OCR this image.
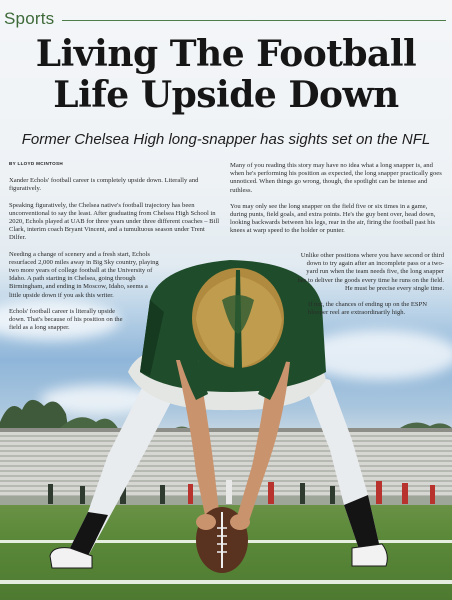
Sports
Living The Football
Life Upside Down
Former Chelsea High long-snapper has sights set on the NFL

BY LLOYD MCINTOSH

Xander Echols' football career is completely upside down. Literally and figuratively.

Speaking figuratively, the Chelsea native's football trajectory has been unconventional to say the least. After graduating from Chelsea High School in 2020, Echols played at UAB for three years under three different coaches – Bill Clark, interim coach Bryant Vincent, and a tumultuous season under Trent Dilfer.

Needing a change of scenery and a fresh start, Echols resurfaced 2,000 miles away in Big Sky country, playing two more years of college football at the University of Idaho. A path starting in Chelsea, going through Birmingham, and ending in Moscow, Idaho, seems a little upside down if you ask this writer.

Echols' football career is literally upside down. That's because of his position on the field as a long snapper.

Many of you reading this story may have no idea what a long snapper is, and when he's performing his position as expected, the long snapper practically goes unnoticed. When things go wrong, though, the spotlight can be intense and ruthless.

You may only see the long snapper on the field five or six times in a game, during punts, field goals, and extra points. He's the guy bent over, head down, looking backwards between his legs, rear in the air, firing the football past his knees at warp speed to the holder or punter.

Unlike other positions where you have second or third down to try again after an incomplete pass or a two-yard run when the team needs five, the long snapper has to deliver the goods every time he runs on the field. He must be precise every single time.

If not, the chances of ending up on the ESPN blooper reel are extraordinarily high.
